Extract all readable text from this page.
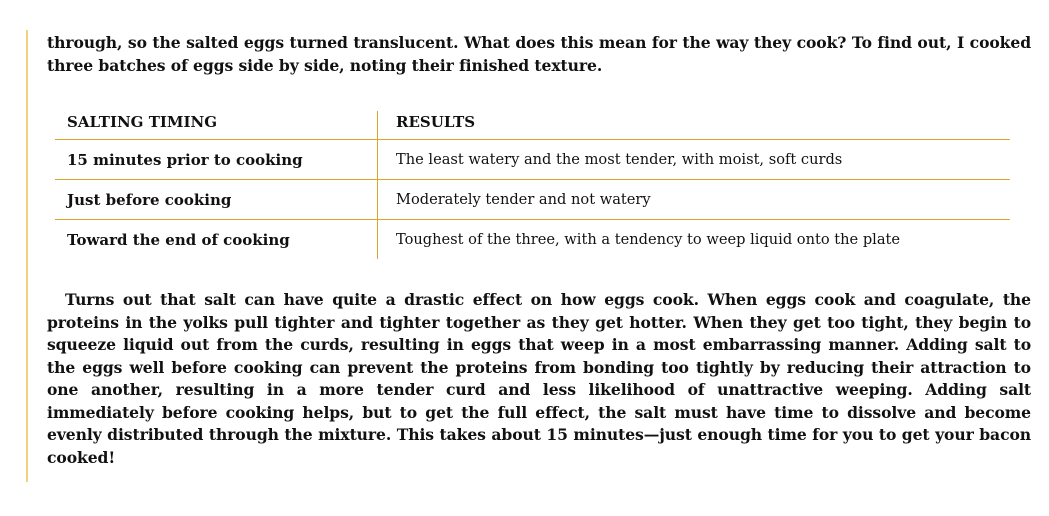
through, so the salted eggs turned translucent. What does this mean for the way they cook? To find out, I cooked three batches of eggs side by side, noting their finished texture.

SALTING TIMING	RESULTS
15 minutes prior to cooking	The least watery and the most tender, with moist, soft curds
Just before cooking	Moderately tender and not watery
Toward the end of cooking	Toughest of the three, with a tendency to weep liquid onto the plate

Turns out that salt can have quite a drastic effect on how eggs cook. When eggs cook and coagulate, the proteins in the yolks pull tighter and tighter together as they get hotter. When they get too tight, they begin to squeeze liquid out from the curds, resulting in eggs that weep in a most embarrassing manner. Adding salt to the eggs well before cooking can prevent the proteins from bonding too tightly by reducing their attraction to one another, resulting in a more tender curd and less likelihood of unattractive weeping. Adding salt immediately before cooking helps, but to get the full effect, the salt must have time to dissolve and become evenly distributed through the mixture. This takes about 15 minutes—just enough time for you to get your bacon cooked!
